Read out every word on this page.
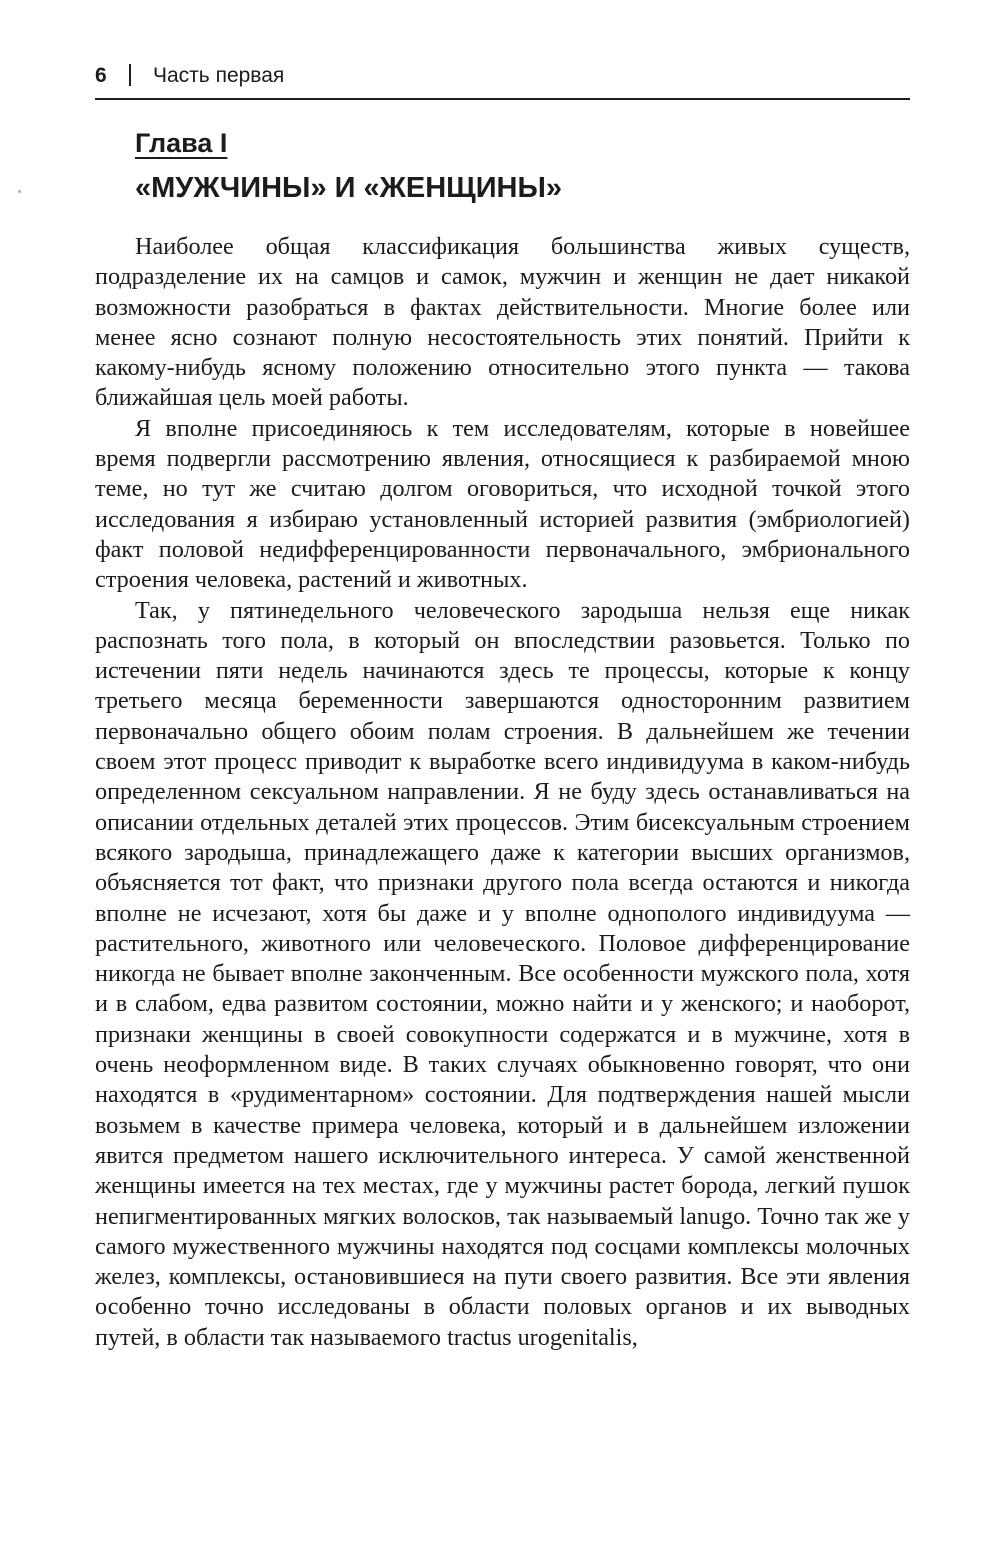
6 Часть первая
Глава I
«МУЖЧИНЫ» И «ЖЕНЩИНЫ»

Наиболее общая классификация большинства живых существ, подразделение их на самцов и самок, мужчин и женщин не дает никакой возможности разобраться в фактах действительности. Многие более или менее ясно сознают полную несостоятельность этих понятий. Прийти к какому-нибудь ясному положению относительно этого пункта — такова ближайшая цель моей работы.

Я вполне присоединяюсь к тем исследователям, которые в новейшее время подвергли рассмотрению явления, относящиеся к разбираемой мною теме, но тут же считаю долгом оговориться, что исходной точкой этого исследования я избираю установленный историей развития (эмбриологией) факт половой недифференцированности первоначального, эмбрионального строения человека, растений и животных.

Так, у пятинедельного человеческого зародыша нельзя еще никак распознать того пола, в который он впоследствии разовьется. Только по истечении пяти недель начинаются здесь те процессы, которые к концу третьего месяца беременности завершаются односторонним развитием первоначально общего обоим полам строения. В дальнейшем же течении своем этот процесс приводит к выработке всего индивидуума в каком-нибудь определенном сексуальном направлении. Я не буду здесь останавливаться на описании отдельных деталей этих процессов. Этим бисексуальным строением всякого зародыша, принадлежащего даже к категории высших организмов, объясняется тот факт, что признаки другого пола всегда остаются и никогда вполне не исчезают, хотя бы даже и у вполне однополого индивидуума — растительного, животного или человеческого. Половое дифференцирование никогда не бывает вполне законченным. Все особенности мужского пола, хотя и в слабом, едва развитом состоянии, можно найти и у женского; и наоборот, признаки женщины в своей совокупности содержатся и в мужчине, хотя в очень неоформленном виде. В таких случаях обыкновенно говорят, что они находятся в «рудиментарном» состоянии. Для подтверждения нашей мысли возьмем в качестве примера человека, который и в дальнейшем изложении явится предметом нашего исключительного интереса. У самой женственной женщины имеется на тех местах, где у мужчины растет борода, легкий пушок непигментированных мягких волосков, так называемый lanugo. Точно так же у самого мужественного мужчины находятся под сосцами комплексы молочных желез, комплексы, остановившиеся на пути своего развития. Все эти явления особенно точно исследованы в области половых органов и их выводных путей, в области так называемого tractus urogenitalis,
